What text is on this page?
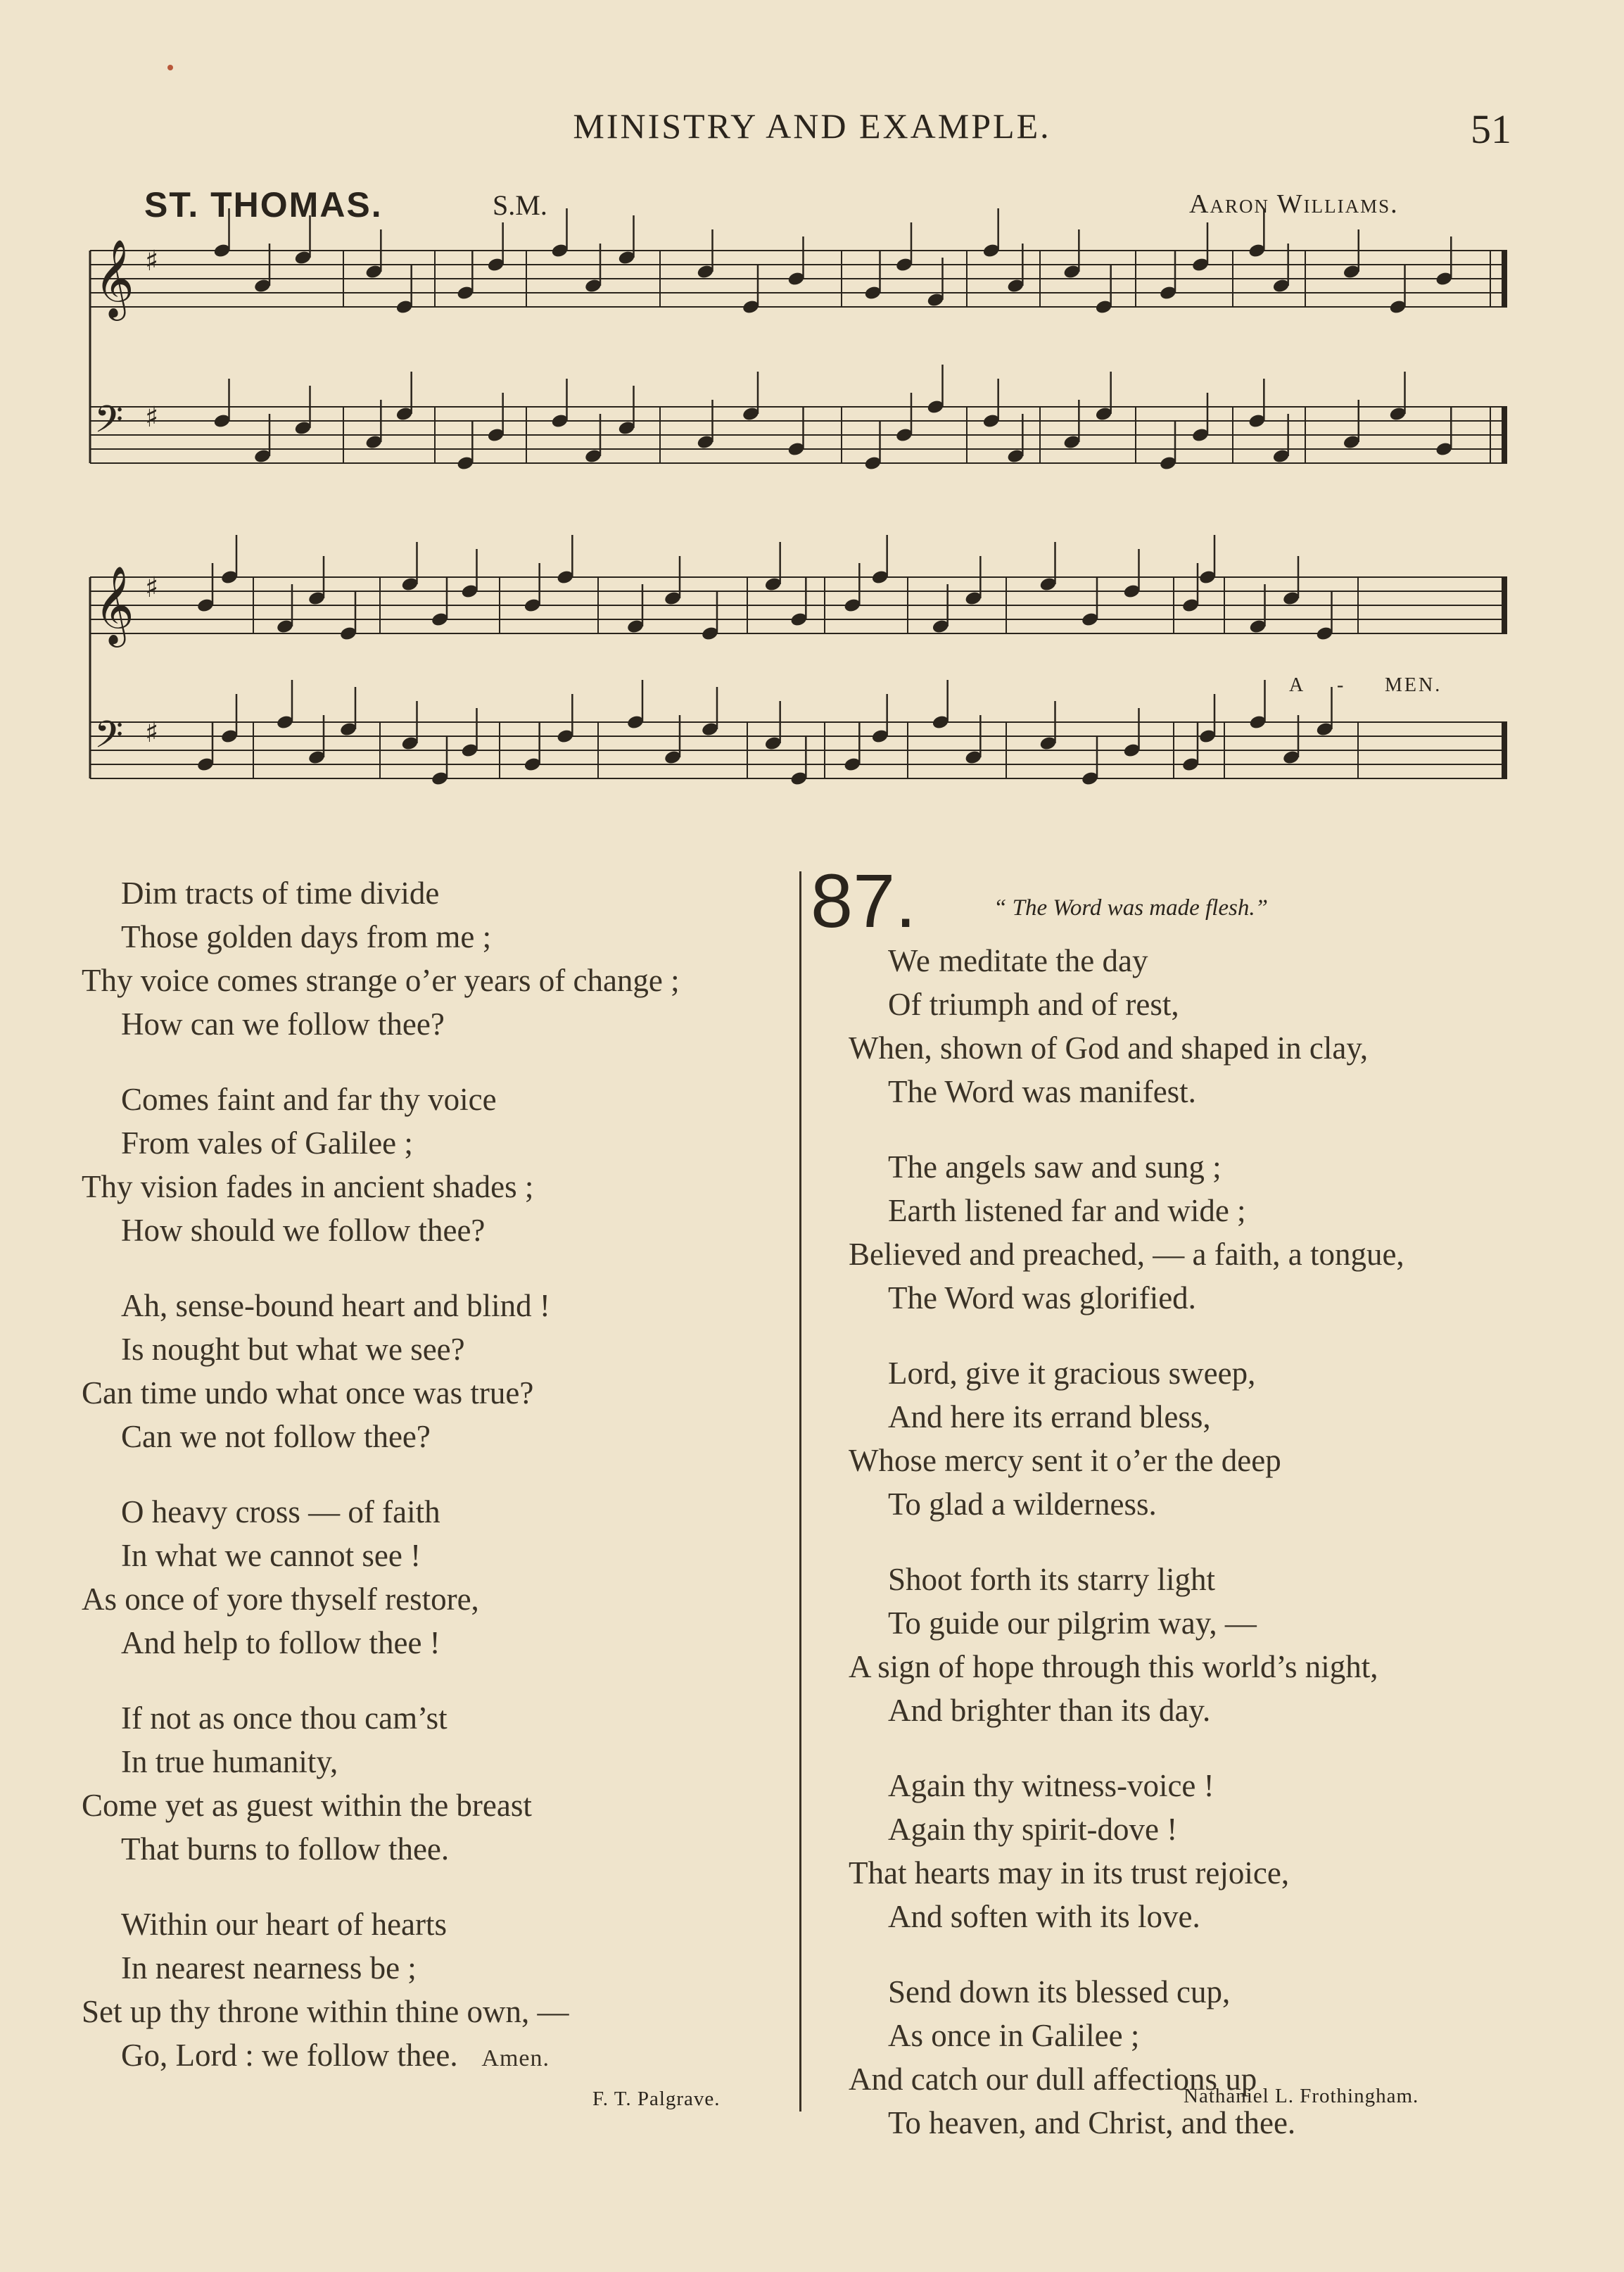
MINISTRY AND EXAMPLE.	51
ST. THOMAS.	S.M.	Aaron Williams.
𝄞 ♯
𝄢 ♯
𝄞 ♯
𝄢 ♯
A - MEN.
Dim tracts of time divide
Those golden days from me ;
Thy voice comes strange o’er years of change ;
How can we follow thee?
Comes faint and far thy voice
From vales of Galilee ;
Thy vision fades in ancient shades ;
How should we follow thee?
Ah, sense-bound heart and blind !
Is nought but what we see?
Can time undo what once was true?
Can we not follow thee?
O heavy cross — of faith
In what we cannot see !
As once of yore thyself restore,
And help to follow thee !
If not as once thou cam’st
In true humanity,
Come yet as guest within the breast
That burns to follow thee.
Within our heart of hearts
In nearest nearness be ;
Set up thy throne within thine own, —
Go, Lord : we follow thee. Amen.
F. T. Palgrave.
87.	“ The Word was made flesh.”
We meditate the day
Of triumph and of rest,
When, shown of God and shaped in clay,
The Word was manifest.
The angels saw and sung ;
Earth listened far and wide ;
Believed and preached, — a faith, a tongue,
The Word was glorified.
Lord, give it gracious sweep,
And here its errand bless,
Whose mercy sent it o’er the deep
To glad a wilderness.
Shoot forth its starry light
To guide our pilgrim way, —
A sign of hope through this world’s night,
And brighter than its day.
Again thy witness-voice !
Again thy spirit-dove !
That hearts may in its trust rejoice,
And soften with its love.
Send down its blessed cup,
As once in Galilee ;
And catch our dull affections up
To heaven, and Christ, and thee.
Nathaniel L. Frothingham.
